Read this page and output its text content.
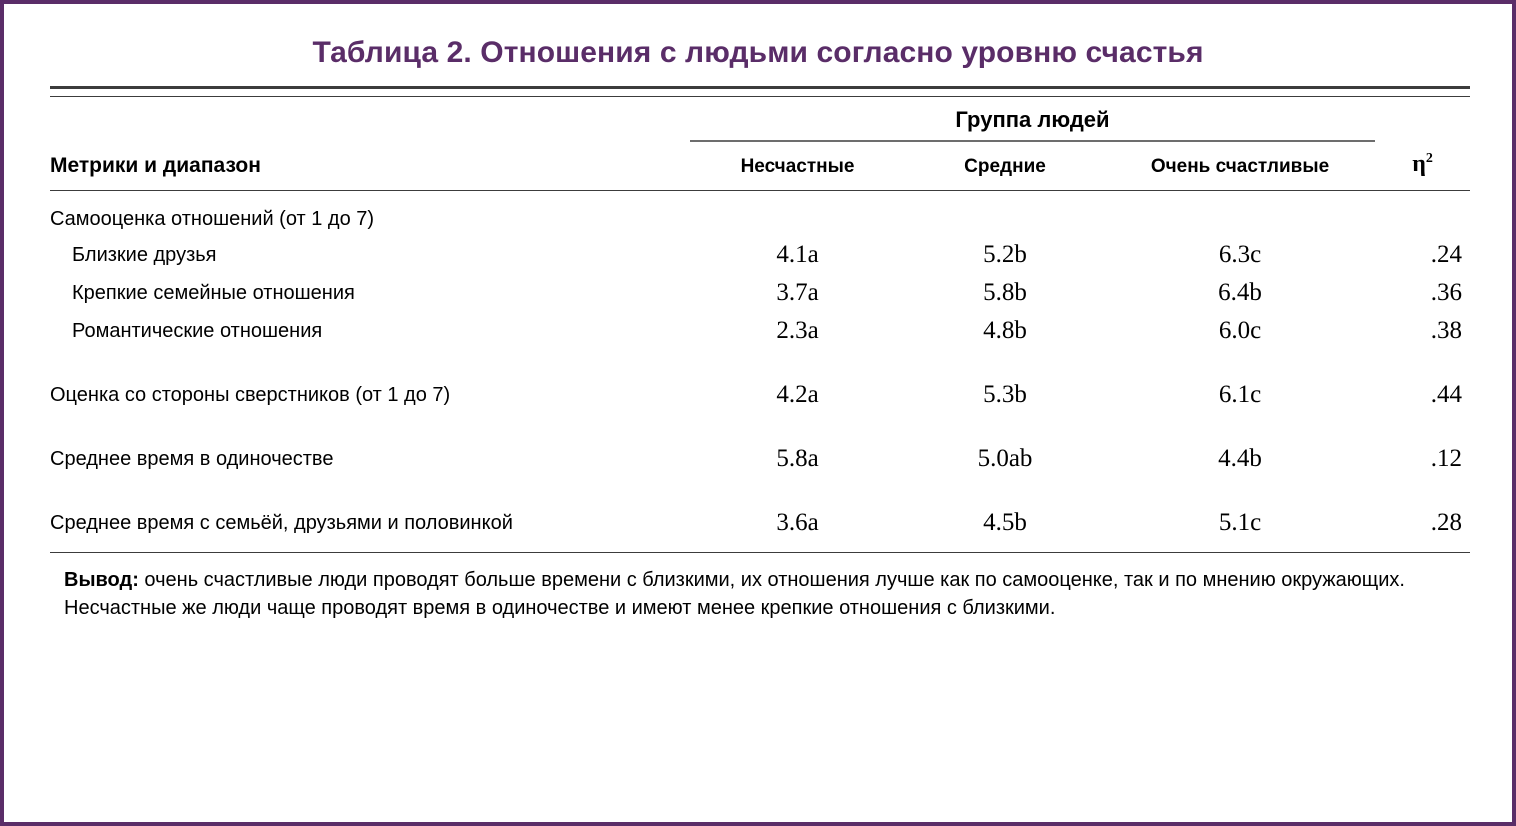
Таблица 2. Отношения с людьми согласно уровню счастья

	Группа людей			

Метрики и диапазон	Несчастные	Средние	Очень счастливые	$\eta^2$

Самооценка отношений (от 1 до 7)				
Близкие друзья	4.1a	5.2b	6.3c	.24
Крепкие семейные отношения	3.7a	5.8b	6.4b	.36
Романтические отношения	2.3a	4.8b	6.0c	.38

Оценка со стороны сверстников (от 1 до 7)	4.2a	5.3b	6.1c	.44

Среднее время в одиночестве	5.8a	5.0ab	4.4b	.12

Среднее время с семьёй, друзьями и половинкой	3.6a	4.5b	5.1c	.28

Вывод: очень счастливые люди проводят больше времени с близкими, их отношения лучше как по самооценке, так и по мнению окружающих. Несчастные же люди чаще проводят время в одиночестве и имеют менее крепкие отношения с близкими.				
